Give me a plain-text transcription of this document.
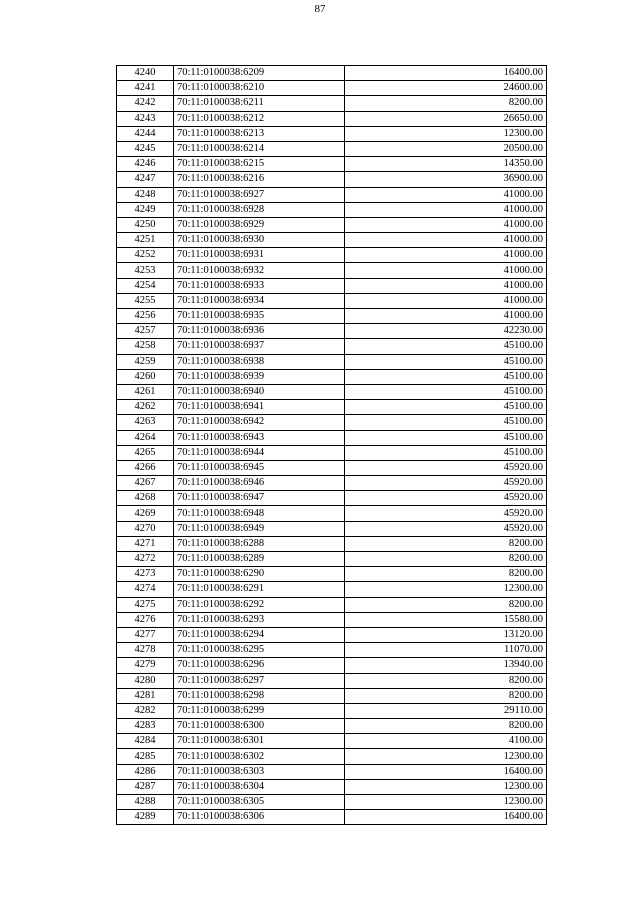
87
4240	70:11:0100038:6209	16400.00
4241	70:11:0100038:6210	24600.00
4242	70:11:0100038:6211	8200.00
4243	70:11:0100038:6212	26650.00
4244	70:11:0100038:6213	12300.00
4245	70:11:0100038:6214	20500.00
4246	70:11:0100038:6215	14350.00
4247	70:11:0100038:6216	36900.00
4248	70:11:0100038:6927	41000.00
4249	70:11:0100038:6928	41000.00
4250	70:11:0100038:6929	41000.00
4251	70:11:0100038:6930	41000.00
4252	70:11:0100038:6931	41000.00
4253	70:11:0100038:6932	41000.00
4254	70:11:0100038:6933	41000.00
4255	70:11:0100038:6934	41000.00
4256	70:11:0100038:6935	41000.00
4257	70:11:0100038:6936	42230.00
4258	70:11:0100038:6937	45100.00
4259	70:11:0100038:6938	45100.00
4260	70:11:0100038:6939	45100.00
4261	70:11:0100038:6940	45100.00
4262	70:11:0100038:6941	45100.00
4263	70:11:0100038:6942	45100.00
4264	70:11:0100038:6943	45100.00
4265	70:11:0100038:6944	45100.00
4266	70:11:0100038:6945	45920.00
4267	70:11:0100038:6946	45920.00
4268	70:11:0100038:6947	45920.00
4269	70:11:0100038:6948	45920.00
4270	70:11:0100038:6949	45920.00
4271	70:11:0100038:6288	8200.00
4272	70:11:0100038:6289	8200.00
4273	70:11:0100038:6290	8200.00
4274	70:11:0100038:6291	12300.00
4275	70:11:0100038:6292	8200.00
4276	70:11:0100038:6293	15580.00
4277	70:11:0100038:6294	13120.00
4278	70:11:0100038:6295	11070.00
4279	70:11:0100038:6296	13940.00
4280	70:11:0100038:6297	8200.00
4281	70:11:0100038:6298	8200.00
4282	70:11:0100038:6299	29110.00
4283	70:11:0100038:6300	8200.00
4284	70:11:0100038:6301	4100.00
4285	70:11:0100038:6302	12300.00
4286	70:11:0100038:6303	16400.00
4287	70:11:0100038:6304	12300.00
4288	70:11:0100038:6305	12300.00
4289	70:11:0100038:6306	16400.00
